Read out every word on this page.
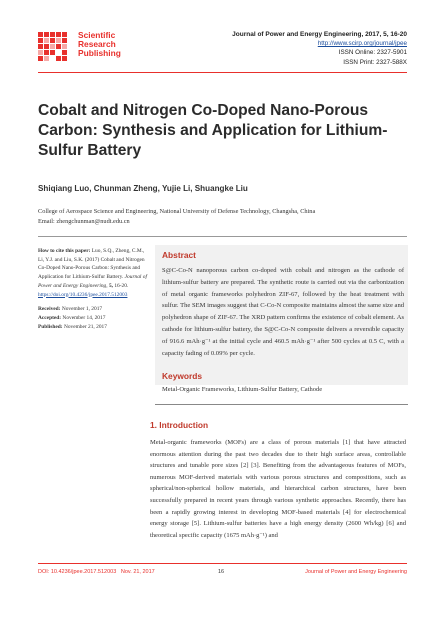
Scientific
Research
Publishing
Journal of Power and Energy Engineering, 2017, 5, 16-20
http://www.scirp.org/journal/jpee
ISSN Online: 2327-5901
ISSN Print: 2327-588X
Cobalt and Nitrogen Co-Doped Nano-Porous Carbon: Synthesis and Application for Lithium-Sulfur Battery
Shiqiang Luo, Chunman Zheng, Yujie Li, Shuangke Liu
College of Aerospace Science and Engineering, National University of Defense Technology, Changsha, China
Email: zhengchunman@nudt.edu.cn
How to cite this paper: Luo, S.Q., Zheng, C.M., Li, Y.J. and Liu, S.K. (2017) Cobalt and Nitrogen Co-Doped Nano-Porous Carbon: Synthesis and Application for Lithium-Sulfur Battery. Journal of Power and Energy Engineering, 5, 16-20. https://doi.org/10.4236/jpee.2017.512003
Received: November 1, 2017
Accepted: November 14, 2017
Published: November 21, 2017
Abstract
S@C-Co-N nanoporous carbon co-doped with cobalt and nitrogen as the cathode of lithium-sulfur battery are prepared. The synthetic route is carried out via the carbonization of metal organic frameworks polyhedron ZIF-67, followed by the heat treatment with sulfur. The SEM images suggest that C-Co-N composite maintains almost the same size and polyhedron shape of ZIF-67. The XRD pattern confirms the existence of cobalt element. As cathode for lithium-sulfur battery, the S@C-Co-N composite delivers a reversible capacity of 916.6 mAh·g⁻¹ at the initial cycle and 460.5 mAh·g⁻¹ after 500 cycles at 0.5 C, with a capacity fading of 0.09% per cycle.
Keywords
Metal-Organic Frameworks, Lithium-Sulfur Battery, Cathode
1. Introduction
Metal-organic frameworks (MOFs) are a class of porous materials [1] that have attracted enormous attention during the past two decades due to their high surface areas, controllable structures and tunable pore sizes [2] [3]. Benefiting from the advantageous features of MOFs, numerous MOF-derived materials with various porous structures and compositions, such as spherical/non-spherical hollow materials, and hierarchical carbon structures, have been successfully prepared in recent years through various synthetic approaches. Recently, there has been a rapidly growing interest in developing MOF-based materials [4] for electrochemical energy storage [5]. Lithium-sulfur batteries have a high energy density (2600 Wh/kg) [6] and theoretical specific capacity (1675 mAh·g⁻¹) and
DOI: 10.4236/jpee.2017.512003 Nov. 21, 2017	16	Journal of Power and Energy Engineering
